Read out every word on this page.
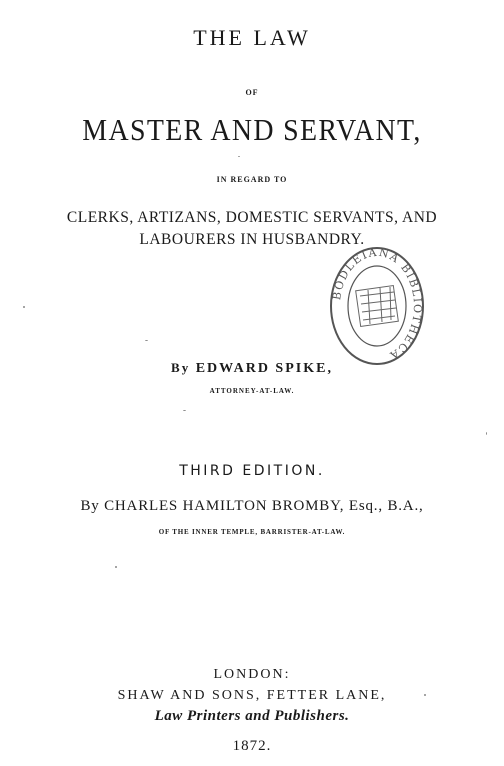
THE LAW
OF
MASTER AND SERVANT,
IN REGARD TO
CLERKS, ARTIZANS, DOMESTIC SERVANTS, AND
LABOURERS IN HUSBANDRY.
By EDWARD SPIKE,
ATTORNEY-AT-LAW.
THIRD EDITION.
By CHARLES HAMILTON BROMBY, Esq., B.A.,
OF THE INNER TEMPLE, BARRISTER-AT-LAW.
LONDON:
SHAW AND SONS, FETTER LANE,
Law Printers and Publishers.
1872.
BODLEIANA BIBLIOTHECA
